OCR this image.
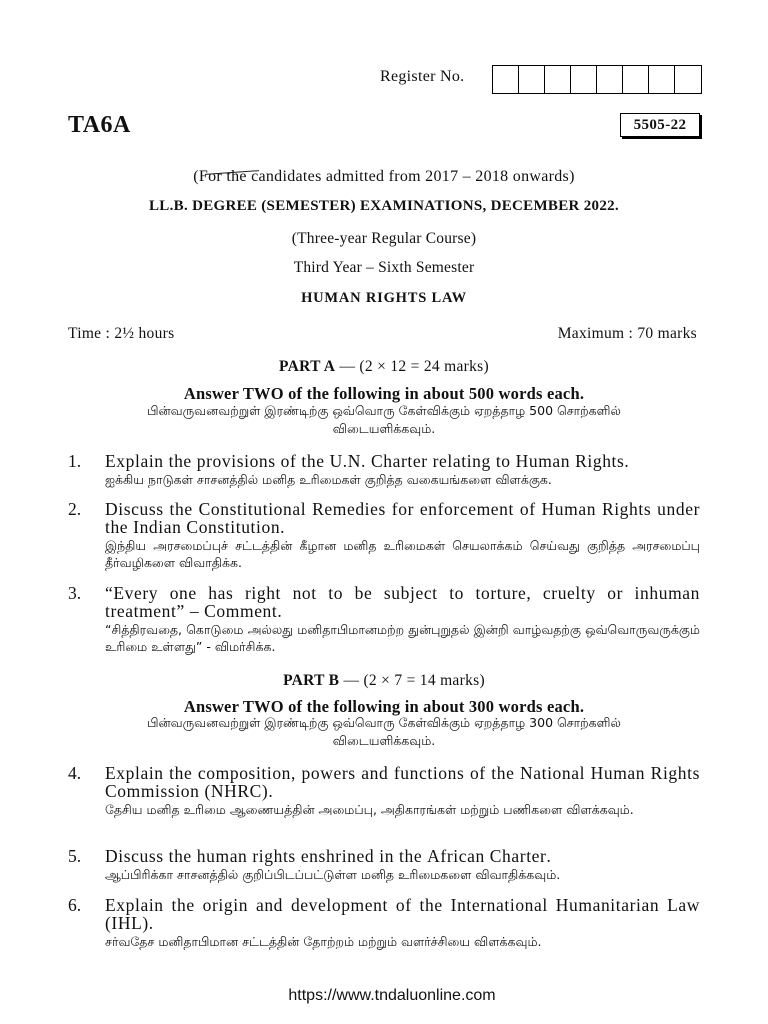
Register No.
TA6A	5505-22
(For the candidates admitted from 2017 – 2018 onwards)
LL.B. DEGREE (SEMESTER) EXAMINATIONS, DECEMBER 2022.
(Three-year Regular Course)
Third Year – Sixth Semester
HUMAN RIGHTS LAW
Time : 2½ hours	Maximum : 70 marks
PART A — (2 × 12 = 24 marks)
Answer TWO of the following in about 500 words each.
பின்வருவனவற்றுள் இரண்டிற்கு ஒவ்வொரு கேள்விக்கும் ஏறத்தாழ 500 சொற்களில் விடையளிக்கவும்.
1. Explain the provisions of the U.N. Charter relating to Human Rights.
ஐக்கிய நாடுகள் சாசனத்தில் மனித உரிமைகள் குறித்த வகையங்களை விளக்குக.
2. Discuss the Constitutional Remedies for enforcement of Human Rights under the Indian Constitution.
இந்திய அரசமைப்புச் சட்டத்தின் கீழான மனித உரிமைகள் செயலாக்கம் செய்வது குறித்த அரசமைப்பு தீர்வழிகளை விவாதிக்க.
3. “Every one has right not to be subject to torture, cruelty or inhuman treatment” – Comment.
“சித்திரவதை, கொடுமை அல்லது மனிதாபிமானமற்ற துன்புறுதல் இன்றி வாழ்வதற்கு ஒவ்வொருவருக்கும் உரிமை உள்ளது” - விமர்சிக்க.
PART B — (2 × 7 = 14 marks)
Answer TWO of the following in about 300 words each.
பின்வருவனவற்றுள் இரண்டிற்கு ஒவ்வொரு கேள்விக்கும் ஏறத்தாழ 300 சொற்களில் விடையளிக்கவும்.
4. Explain the composition, powers and functions of the National Human Rights Commission (NHRC).
தேசிய மனித உரிமை ஆணையத்தின் அமைப்பு, அதிகாரங்கள் மற்றும் பணிகளை விளக்கவும்.
5. Discuss the human rights enshrined in the African Charter.
ஆப்பிரிக்கா சாசனத்தில் குறிப்பிடப்பட்டுள்ள மனித உரிமைகளை விவாதிக்கவும்.
6. Explain the origin and development of the International Humanitarian Law (IHL).
சர்வதேச மனிதாபிமான சட்டத்தின் தோற்றம் மற்றும் வளர்ச்சியை விளக்கவும்.
https://www.tndaluonline.com
